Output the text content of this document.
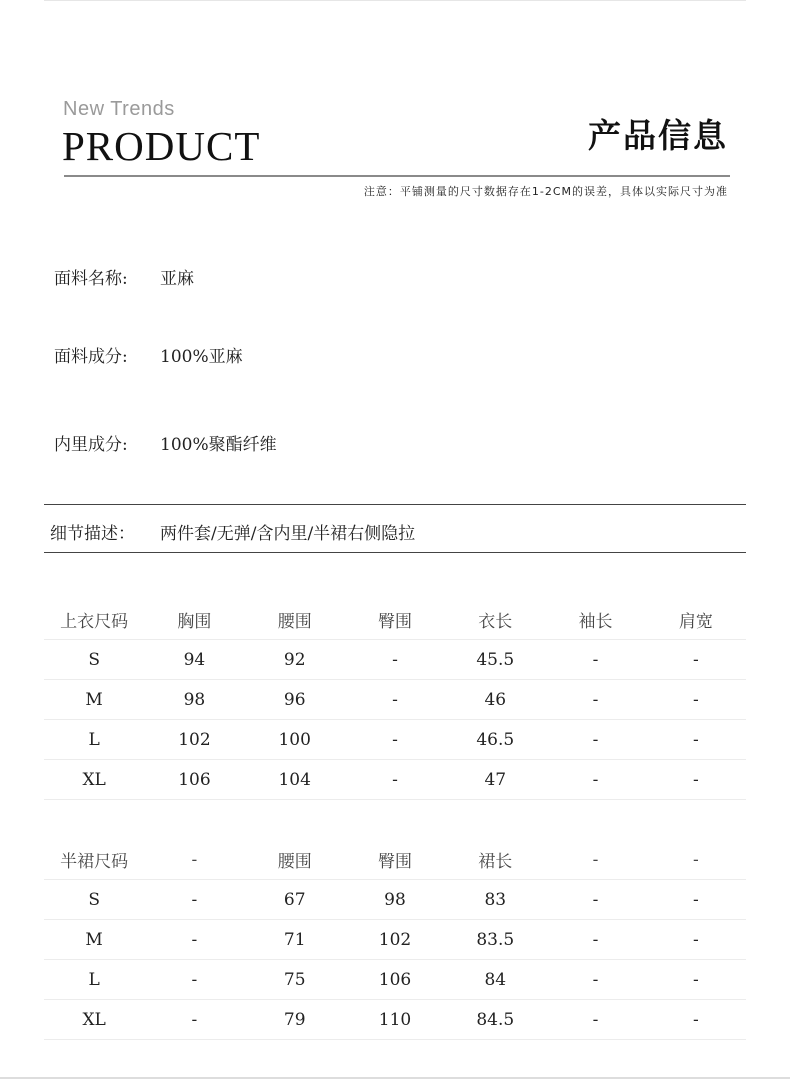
New Trends
PRODUCT	产品信息
注意：平铺测量的尺寸数据存在1-2CM的误差，具体以实际尺寸为准
面料名称: 亚麻
面料成分: 100%亚麻
内里成分: 100%聚酯纤维
细节描述： 两件套/无弹/含内里/半裙右侧隐拉
上衣尺码	胸围	腰围	臀围	衣长	袖长	肩宽
S	94	92	-	45.5	-	-
M	98	96	-	46	-	-
L	102	100	-	46.5	-	-
XL	106	104	-	47	-	-
半裙尺码	-	腰围	臀围	裙长	-	-
S	-	67	98	83	-	-
M	-	71	102	83.5	-	-
L	-	75	106	84	-	-
XL	-	79	110	84.5	-	-
